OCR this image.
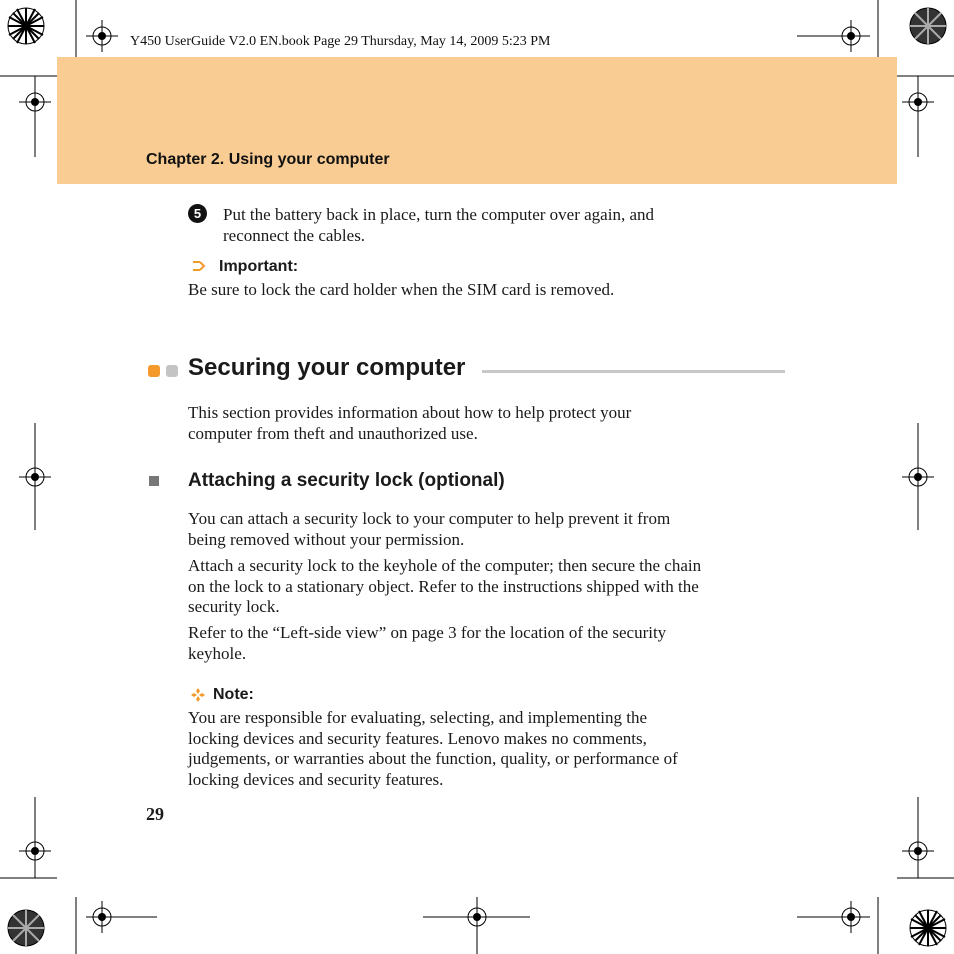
Y450 UserGuide V2.0 EN.book Page 29 Thursday, May 14, 2009 5:23 PM
Chapter 2. Using your computer
5	Put the battery back in place, turn the computer over again, and
reconnect the cables.
Important:
Be sure to lock the card holder when the SIM card is removed.
Securing your computer
This section provides information about how to help protect your
computer from theft and unauthorized use.
Attaching a security lock (optional)
You can attach a security lock to your computer to help prevent it from
being removed without your permission.
Attach a security lock to the keyhole of the computer; then secure the chain
on the lock to a stationary object. Refer to the instructions shipped with the
security lock.
Refer to the “Left-side view” on page 3 for the location of the security
keyhole.
Note:
You are responsible for evaluating, selecting, and implementing the
locking devices and security features. Lenovo makes no comments,
judgements, or warranties about the function, quality, or performance of
locking devices and security features.
29
